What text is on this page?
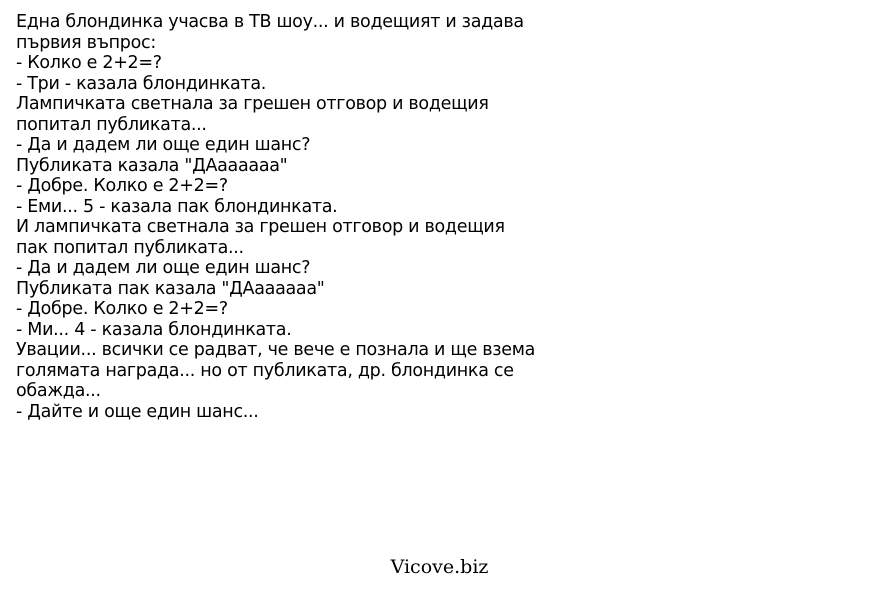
Една блондинка учасва в ТВ шоу... и водещият и задава
първия въпрос:
- Колко е 2+2=?
- Три - казала блондинката.
Лампичката светнала за грешен отговор и водещия
попитал публиката...
- Да и дадем ли още един шанс?
Публиката казала "ДАаааааа"
- Добре. Колко е 2+2=?
- Еми... 5 - казала пак блондинката.
И лампичката светнала за грешен отговор и водещия
пак попитал публиката...
- Да и дадем ли още един шанс?
Публиката пак казала "ДАаааааа"
- Добре. Колко е 2+2=?
- Ми... 4 - казала блондинката.
Увации... всички се радват, че вече е познала и ще взема
голямата награда... но от публиката, др. блондинка се
обажда...
- Дайте и още един шанс...
Vicove.biz
